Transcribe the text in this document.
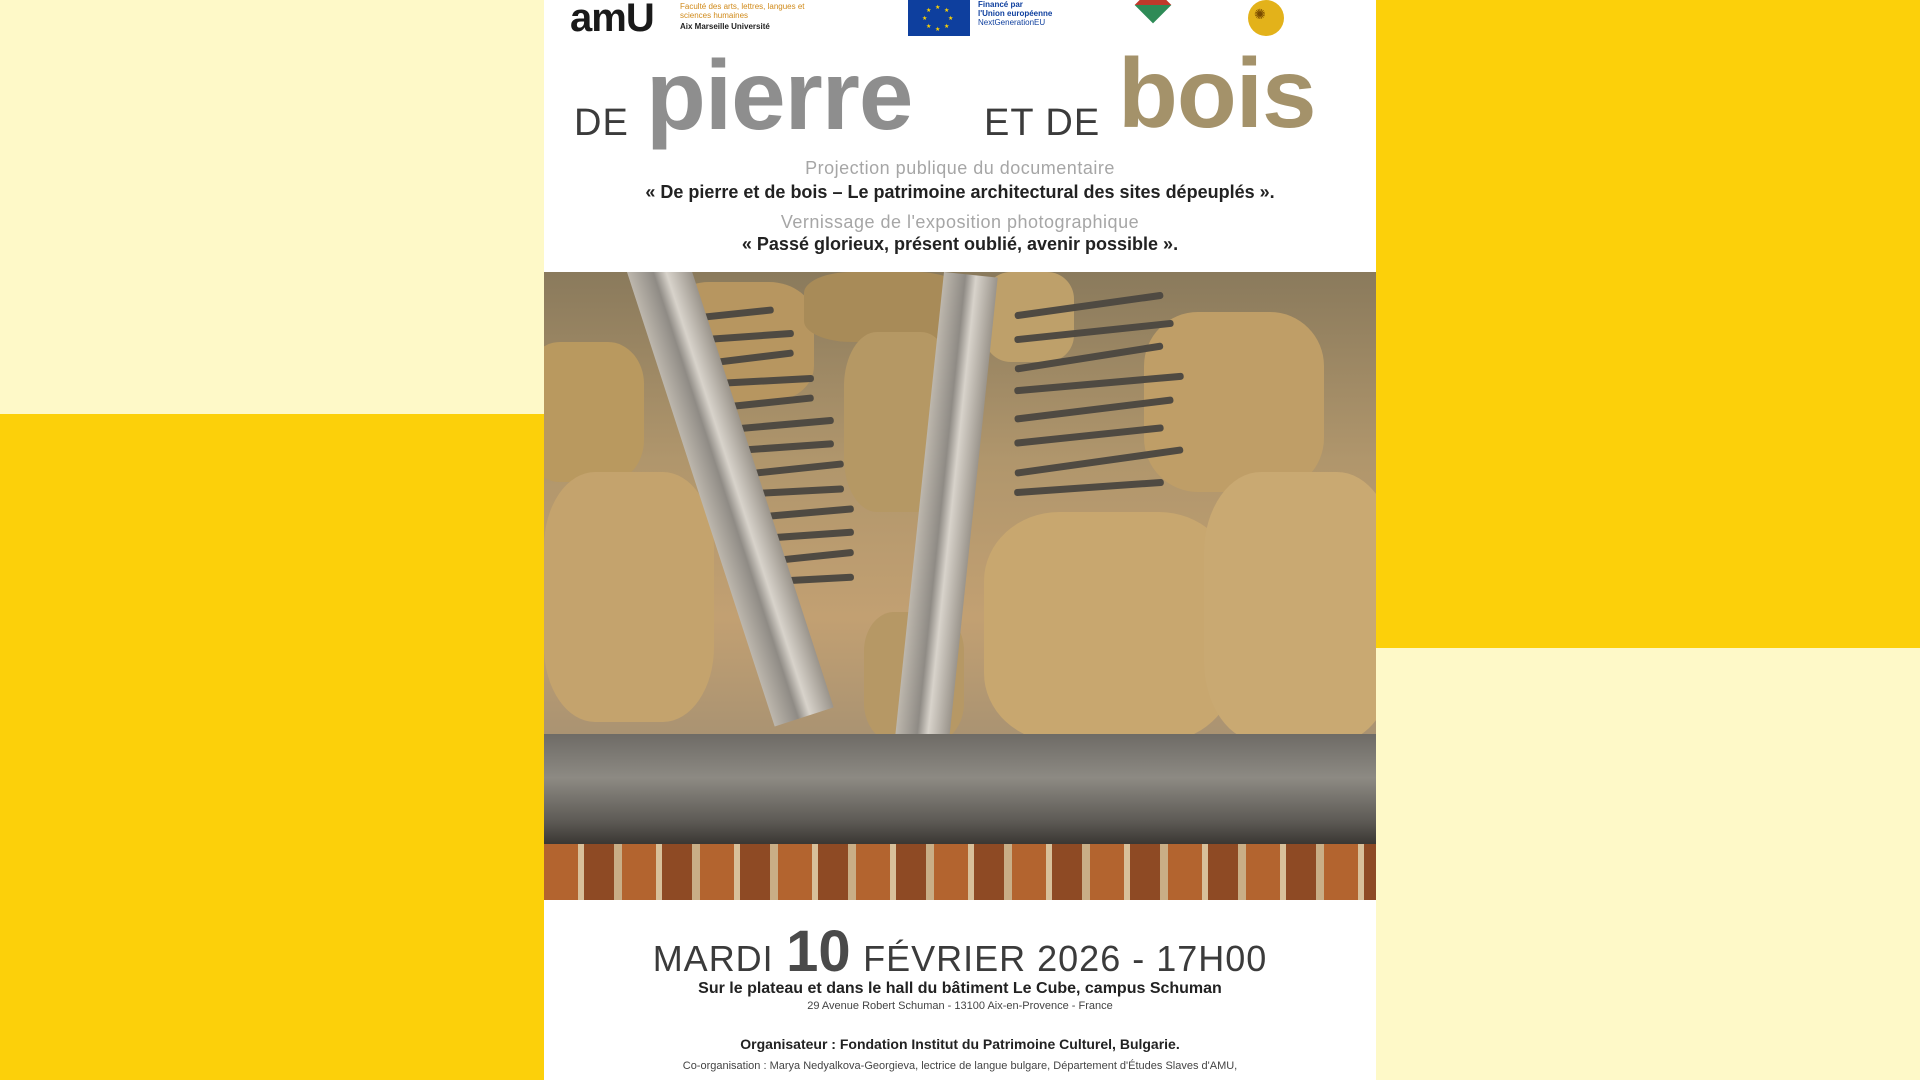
amU	Faculté des arts, lettres, langues et sciences humaines
Aix Marseille Université
★ ★
★
★
★
★
★
★
Financé par
l'Union européenne
NextGenerationEU
✺
DE pierre ET DE bois
Projection publique du documentaire
« De pierre et de bois – Le patrimoine architectural des sites dépeuplés ».
Vernissage de l'exposition photographique
« Passé glorieux, présent oublié, avenir possible ».
MARDI 10 FÉVRIER 2026 - 17H00
Sur le plateau et dans le hall du bâtiment Le Cube, campus Schuman
29 Avenue Robert Schuman - 13100 Aix-en-Provence - France
Organisateur : Fondation Institut du Patrimoine Culturel, Bulgarie.
Co-organisation : Marya Nedyalkova-Georgieva, lectrice de langue bulgare, Département d'Études Slaves d'AMU,
